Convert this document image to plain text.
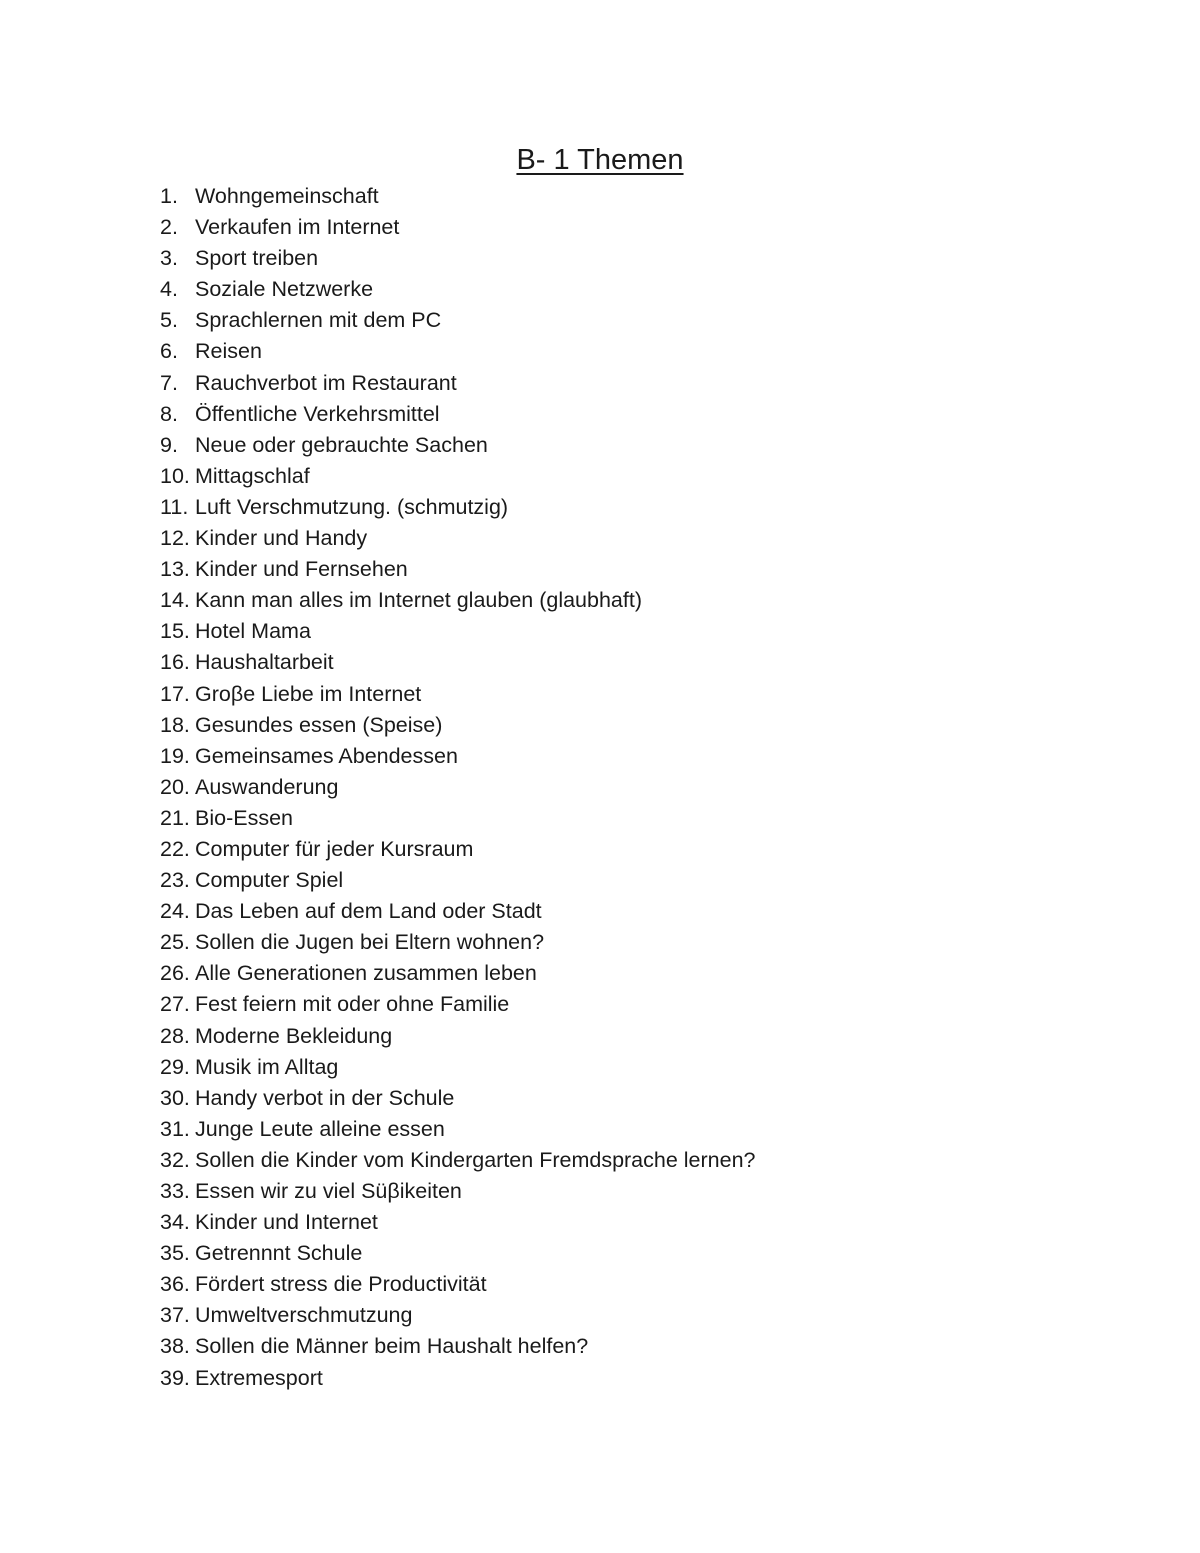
B- 1 Themen
1. Wohngemeinschaft
2. Verkaufen im Internet
3. Sport treiben
4. Soziale Netzwerke
5. Sprachlernen mit dem PC
6. Reisen
7. Rauchverbot im Restaurant
8. Öffentliche Verkehrsmittel
9. Neue oder gebrauchte Sachen
10. Mittagschlaf
11. Luft Verschmutzung. (schmutzig)
12. Kinder und Handy
13. Kinder und Fernsehen
14. Kann man alles im Internet glauben (glaubhaft)
15. Hotel Mama
16. Haushaltarbeit
17. Groβe Liebe im Internet
18. Gesundes essen (Speise)
19. Gemeinsames Abendessen
20. Auswanderung
21. Bio-Essen
22. Computer für jeder Kursraum
23. Computer Spiel
24. Das Leben auf dem Land oder Stadt
25. Sollen die Jugen bei Eltern wohnen?
26. Alle Generationen zusammen leben
27. Fest feiern mit oder ohne Familie
28. Moderne Bekleidung
29. Musik im Alltag
30. Handy verbot in der Schule
31. Junge Leute alleine essen
32. Sollen die Kinder vom Kindergarten Fremdsprache lernen?
33. Essen wir zu viel Süβikeiten
34. Kinder und Internet
35. Getrennnt Schule
36. Fördert stress die Productivität
37. Umweltverschmutzung
38. Sollen die Männer beim Haushalt helfen?
39. Extremesport
